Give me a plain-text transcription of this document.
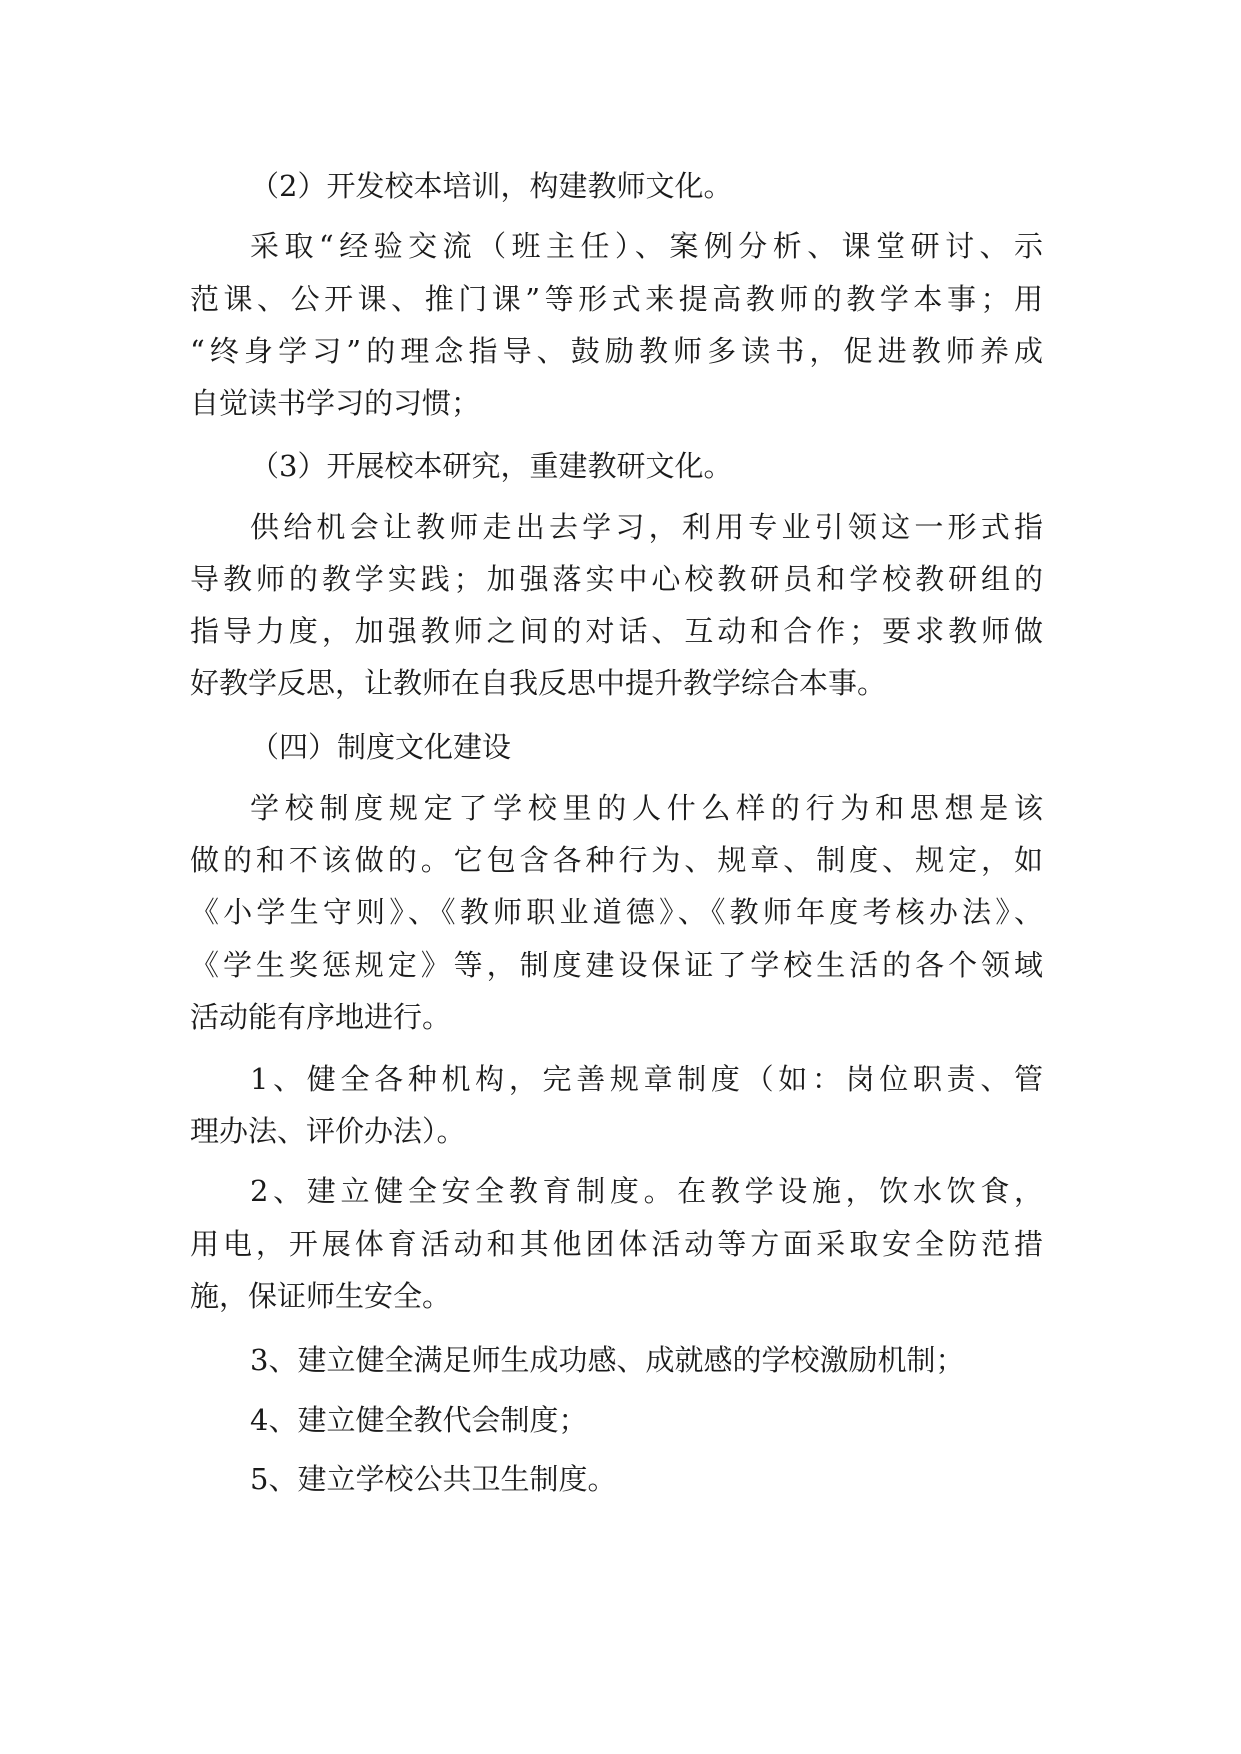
（2）开发校本培训，构建教师文化。
采取“经验交流（班主任）、案例分析、课堂研讨、示
范课、公开课、推门课”等形式来提高教师的教学本事；用
“终身学习”的理念指导、鼓励教师多读书，促进教师养成
自觉读书学习的习惯；
（3）开展校本研究，重建教研文化。
供给机会让教师走出去学习，利用专业引领这一形式指
导教师的教学实践；加强落实中心校教研员和学校教研组的
指导力度，加强教师之间的对话、互动和合作；要求教师做
好教学反思，让教师在自我反思中提升教学综合本事。
（四）制度文化建设
学校制度规定了学校里的人什么样的行为和思想是该
做的和不该做的。它包含各种行为、规章、制度、规定，如
《小学生守则》、《教师职业道德》、《教师年度考核办法》、
《学生奖惩规定》等，制度建设保证了学校生活的各个领域
活动能有序地进行。
1、健全各种机构，完善规章制度（如：岗位职责、管
理办法、评价办法）。
2、建立健全安全教育制度。在教学设施，饮水饮食，
用电，开展体育活动和其他团体活动等方面采取安全防范措
施，保证师生安全。
3、建立健全满足师生成功感、成就感的学校激励机制；
4、建立健全教代会制度；
5、建立学校公共卫生制度。
